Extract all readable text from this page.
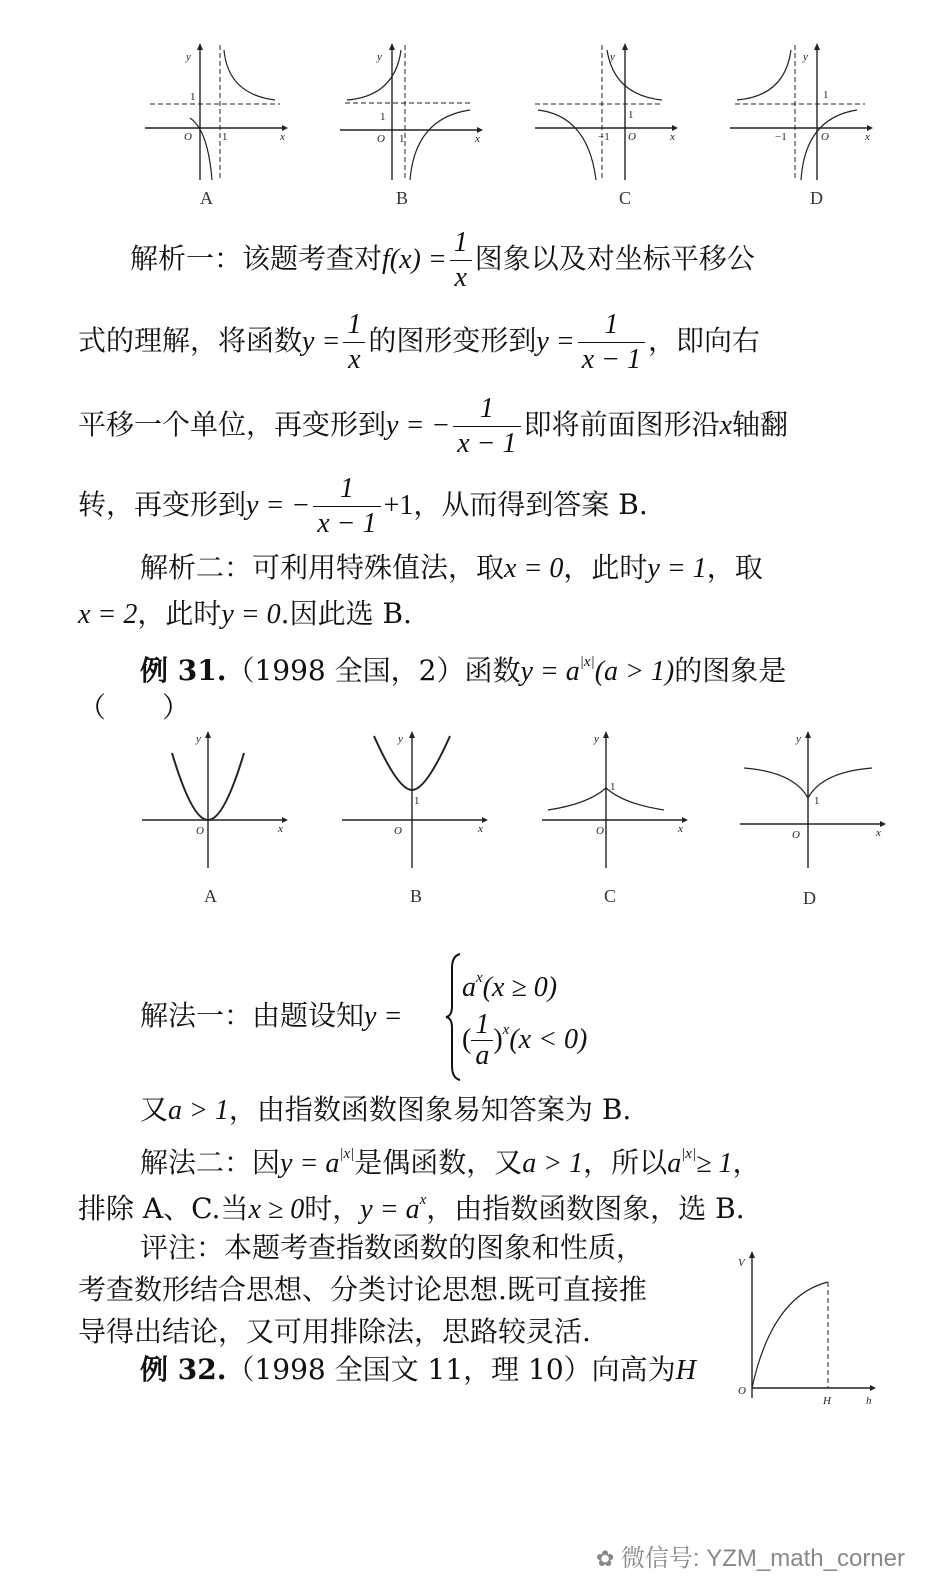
y
x
O
1
1
y
x
O
1
1
y
x
O
1
−1
y
x
O
1
−1
A	B	C	D
解析一：该题考查对$f(x) = \frac{1}{x}$ 图象以及对坐标平移公
式的理解，将函数$y = \frac{1}{x}$ 的图形变形到$y = \frac{1}{x - 1}$ ，即向右
平移一个单位，再变形到y = − $\frac{1}{x - 1}$ 即将前面图形沿x轴翻
转，再变形到y = − $\frac{1}{x - 1} +1$，从而得到答案 B.
解析二：可利用特殊值法，取x = 0，此时y = 1，取
x = 2，此时y = 0.因此选 B.
例 31.（1998 全国，2）函数$y = a^{|x|}(a > 1)$的图象是
（　　）
y
x
O
y
x
O
1
y
x
O
1
y
x
O
1
A	B	C	D
解法一：由题设知y =
$a^x(x \ge 0)$
( $\frac{1}{a} )^x(x < 0)$
又a > 1，由指数函数图象易知答案为 B.
解法二：因$y = a^{|x|}$是偶函数，又a > 1，所以$a^{|x|}\ge 1$，
排除 A、C.当x ≥ 0时，$y = a^x$，由指数函数图象，选 B.
评注：本题考查指数函数的图象和性质，
考查数形结合思想、分类讨论思想.既可直接推
导得出结论，又可用排除法，思路较灵活.
例 32.（1998 全国文 11，理 10）向高为H
V
h
O
H
✿ 微信号: YZM_math_corner
